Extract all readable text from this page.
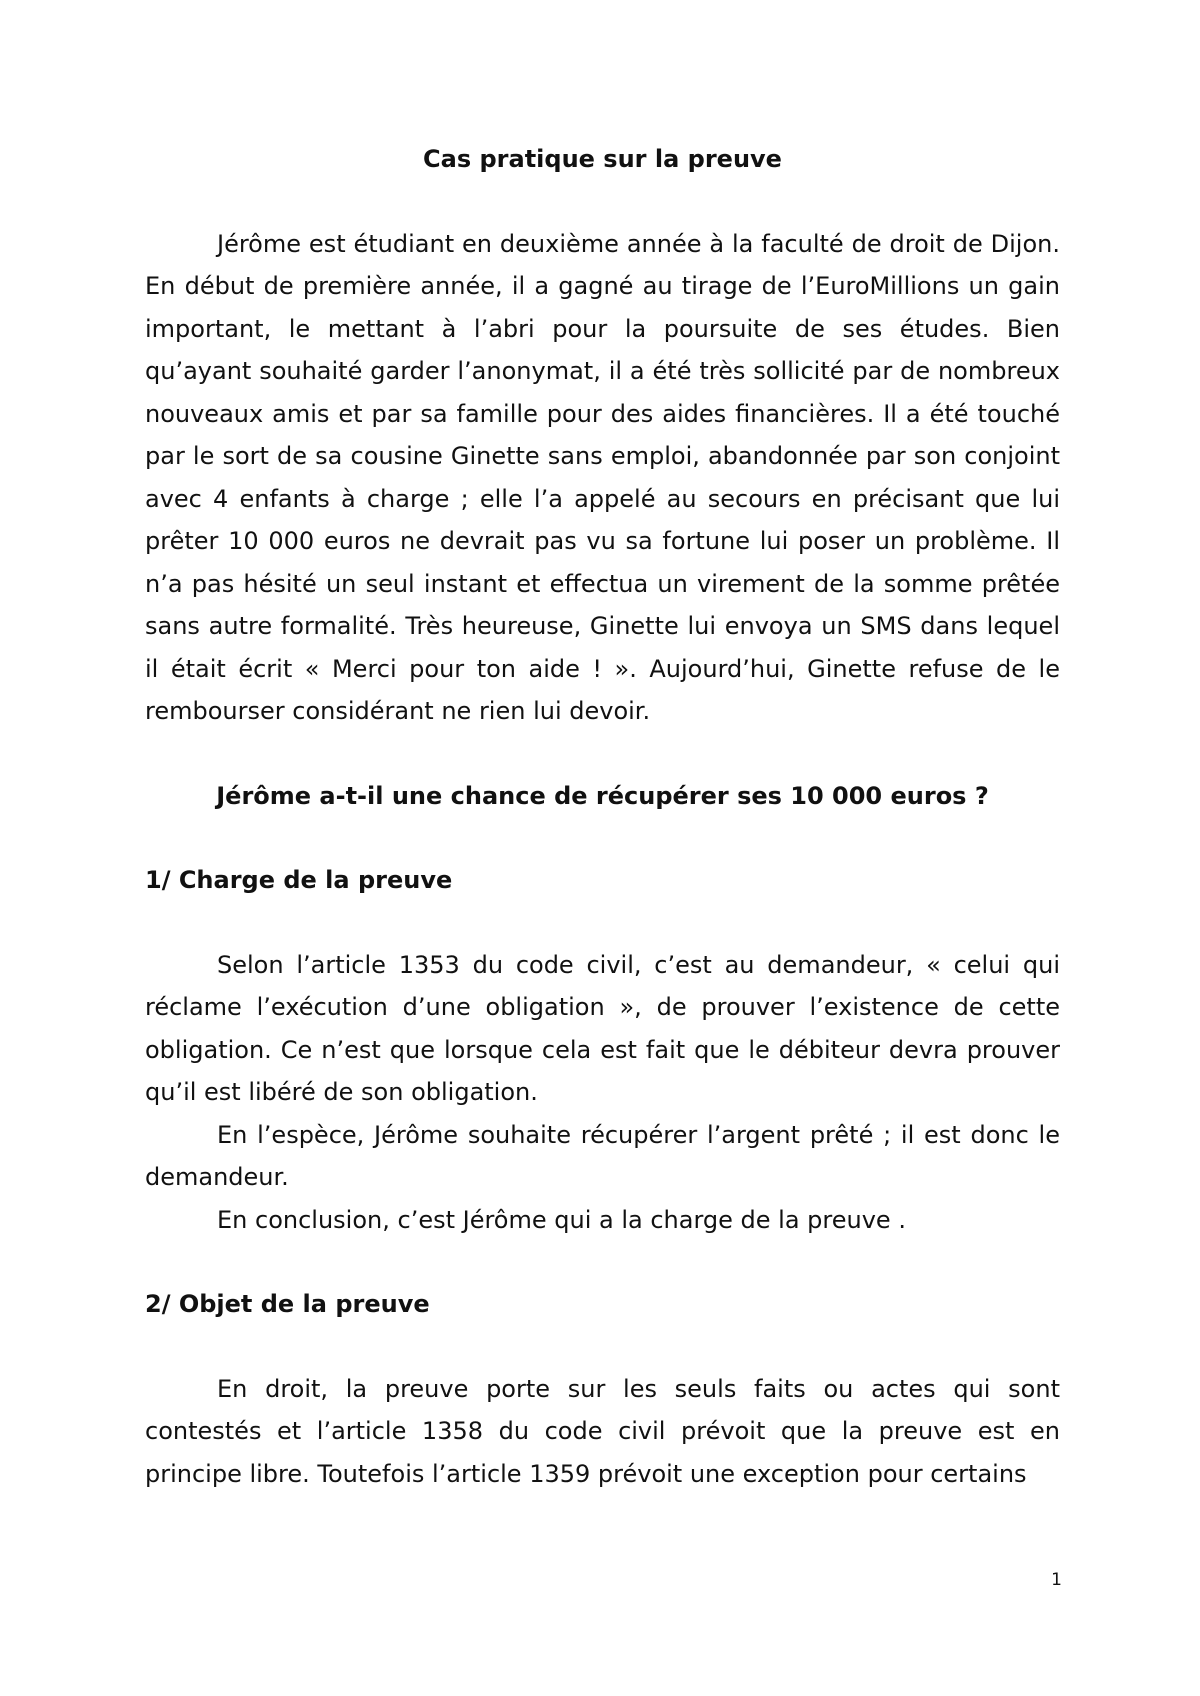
Cas pratique sur la preuve

Jérôme est étudiant en deuxième année à la faculté de droit de Dijon. En début de première année, il a gagné au tirage de l’EuroMillions un gain important, le mettant à l’abri pour la poursuite de ses études. Bien qu’ayant souhaité garder l’anonymat, il a été très sollicité par de nombreux nouveaux amis et par sa famille pour des aides financières. Il a été touché par le sort de sa cousine Ginette sans emploi, abandonnée par son conjoint avec 4 enfants à charge ; elle l’a appelé au secours en précisant que lui prêter 10 000 euros ne devrait pas vu sa fortune lui poser un problème. Il n’a pas hésité un seul instant et effectua un virement de la somme prêtée sans autre formalité. Très heureuse, Ginette lui envoya un SMS dans lequel il était écrit « Merci pour ton aide ! ». Aujourd’hui, Ginette refuse de le rembourser considérant ne rien lui devoir.

Jérôme a-t-il une chance de récupérer ses 10 000 euros ?

1/ Charge de la preuve

Selon l’article 1353 du code civil, c’est au demandeur, « celui qui réclame l’exécution d’une obligation », de prouver l’existence de cette obligation. Ce n’est que lorsque cela est fait que le débiteur devra prouver qu’il est libéré de son obligation.

En l’espèce, Jérôme souhaite récupérer l’argent prêté ; il est donc le demandeur.

En conclusion, c’est Jérôme qui a la charge de la preuve .

2/ Objet de la preuve

En droit, la preuve porte sur les seuls faits ou actes qui sont contestés et l’article 1358 du code civil prévoit que la preuve est en principe libre. Toutefois l’article 1359 prévoit une exception pour certains

1
